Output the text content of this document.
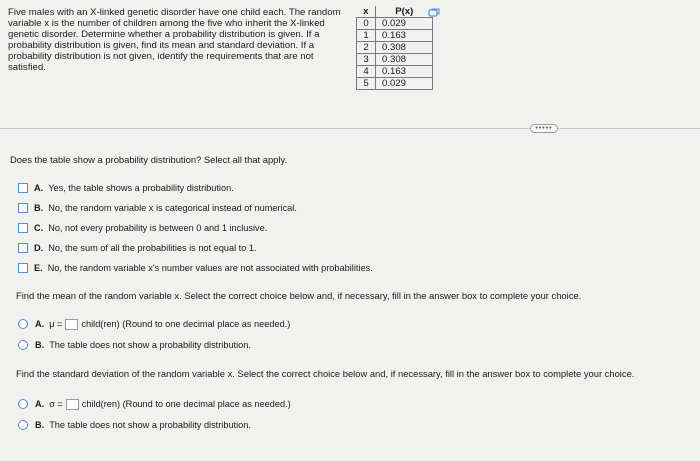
Five males with an X-linked genetic disorder have one child each. The random variable x is the number of children among the five who inherit the X-linked genetic disorder. Determine whether a probability distribution is given. If a probability distribution is given, find its mean and standard deviation. If a probability distribution is not given, identify the requirements that are not satisfied.
x	P(x)
0	0.029
1	0.163
2	0.308
3	0.308
4	0.163
5	0.029
•••••
Does the table show a probability distribution? Select all that apply.
A. Yes, the table shows a probability distribution.
B. No, the random variable x is categorical instead of numerical.
C. No, not every probability is between 0 and 1 inclusive.
D. No, the sum of all the probabilities is not equal to 1.
E. No, the random variable x's number values are not associated with probabilities.
Find the mean of the random variable x. Select the correct choice below and, if necessary, fill in the answer box to complete your choice.
A. μ = child(ren) (Round to one decimal place as needed.)
B. The table does not show a probability distribution.
Find the standard deviation of the random variable x. Select the correct choice below and, if necessary, fill in the answer box to complete your choice.
A. σ = child(ren) (Round to one decimal place as needed.)
B. The table does not show a probability distribution.
